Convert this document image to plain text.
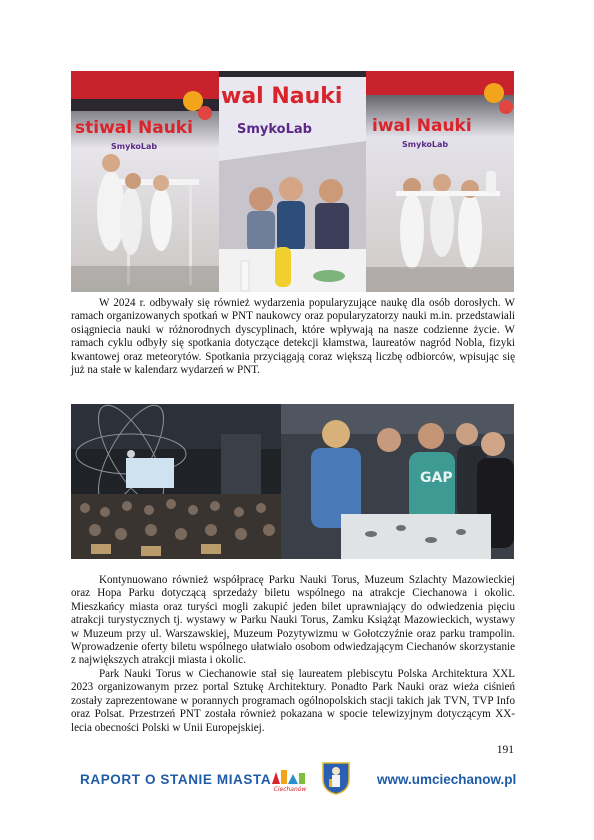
stiwal Nauki
SmykoLab
wal Nauki
SmykoLab	iwal Nauki
SmykoLab

W 2024 r. odbywały się również wydarzenia popularyzujące naukę dla osób dorosłych. W ramach organizowanych spotkań w PNT naukowcy oraz popularyzatorzy nauki m.in. przedstawiali osiągniecia nauki w różnorodnych dyscyplinach, które wpływają na nasze codzienne życie. W ramach cyklu odbyły się spotkania dotyczące detekcji kłamstwa, laureatów nagród Nobla, fizyki kwantowej oraz meteorytów. Spotkania przyciągają coraz większą liczbę odbiorców, wpisując się już na stałe w kalendarz wydarzeń w PNT.

GAP

Kontynuowano również współpracę Parku Nauki Torus, Muzeum Szlachty Mazowieckiej oraz Hopa Parku dotyczącą sprzedaży biletu wspólnego na atrakcje Ciechanowa i okolic. Mieszkańcy miasta oraz turyści mogli zakupić jeden bilet uprawniający do odwiedzenia pięciu atrakcji turystycznych tj. wystawy w Parku Nauki Torus, Zamku Książąt Mazowieckich, wystawy w Muzeum przy ul. Warszawskiej, Muzeum Pozytywizmu w Gołotczyźnie oraz parku trampolin. Wprowadzenie oferty biletu wspólnego ułatwiało osobom odwiedzającym Ciechanów skorzystanie z największych atrakcji miasta i okolic.

Park Nauki Torus w Ciechanowie stał się laureatem plebiscytu Polska Architektura XXL 2023 organizowanym przez portal Sztukę Architektury. Ponadto Park Nauki oraz wieża ciśnień zostały zaprezentowane w porannych programach ogólnopolskich stacji takich jak TVN, TVP Info oraz Polsat. Przestrzeń PNT została również pokazana w spocie telewizyjnym dotyczącym XX-lecia obecności Polski w Unii Europejskiej.

191
RAPORT O STANIE MIASTA
Ciechanów
www.umciechanow.pl
